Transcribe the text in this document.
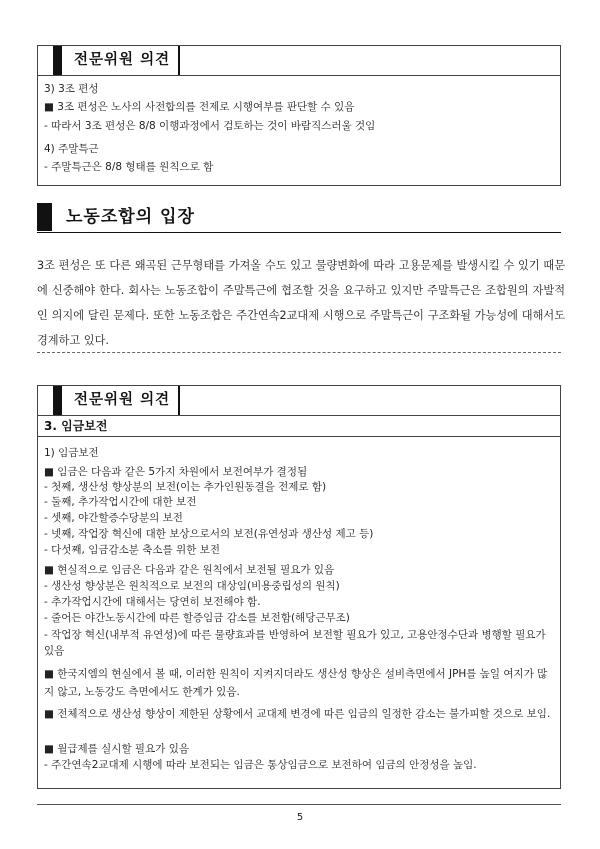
전문위원 의견
3) 3조 편성
■ 3조 편성은 노사의 사전합의를 전제로 시행여부를 판단할 수 있음
- 따라서 3조 편성은 8/8 이행과정에서 검토하는 것이 바람직스러울 것임
4) 주말특근
- 주말특근은 8/8 형태를 원칙으로 함
노동조합의 입장
3조 편성은 또 다른 왜곡된 근무형태를 가져올 수도 있고 물량변화에 따라 고용문제를 발생시킬 수 있기 때문에 신중해야 한다. 회사는 노동조합이 주말특근에 협조할 것을 요구하고 있지만 주말특근은 조합원의 자발적인 의지에 달린 문제다. 또한 노동조합은 주간연속2교대제 시행으로 주말특근이 구조화될 가능성에 대해서도 경계하고 있다.
전문위원 의견
3. 임금보전
1) 임금보전
■ 임금은 다음과 같은 5가지 차원에서 보전여부가 결정됨
- 첫째, 생산성 향상분의 보전(이는 추가인원동결을 전제로 함)
- 둘째, 추가작업시간에 대한 보전
- 셋째, 야간할증수당분의 보전
- 넷째, 작업장 혁신에 대한 보상으로서의 보전(유연성과 생산성 제고 등)
- 다섯째, 임금감소분 축소를 위한 보전
■ 현실적으로 임금은 다음과 같은 원칙에서 보전될 필요가 있음
- 생산성 향상분은 원칙적으로 보전의 대상임(비용중립성의 원칙)
- 추가작업시간에 대해서는 당연히 보전해야 함.
- 줄어든 야간노동시간에 따른 할증임금 감소를 보전함(해당근무조)
- 작업장 혁신(내부적 유연성)에 따른 물량효과를 반영하여 보전할 필요가 있고, 고용안정수단과 병행할 필요가 있음
■ 한국지엠의 현실에서 볼 때, 이러한 원칙이 지켜지더라도 생산성 향상은 설비측면에서 JPH를 높일 여지가 많지 않고, 노동강도 측면에서도 한계가 있음.
■ 전체적으로 생산성 향상이 제한된 상황에서 교대제 변경에 따른 임금의 일정한 감소는 불가피할 것으로 보임.
■ 월급제를 실시할 필요가 있음
- 주간연속2교대제 시행에 따라 보전되는 임금은 통상임금으로 보전하여 임금의 안정성을 높임.
5
